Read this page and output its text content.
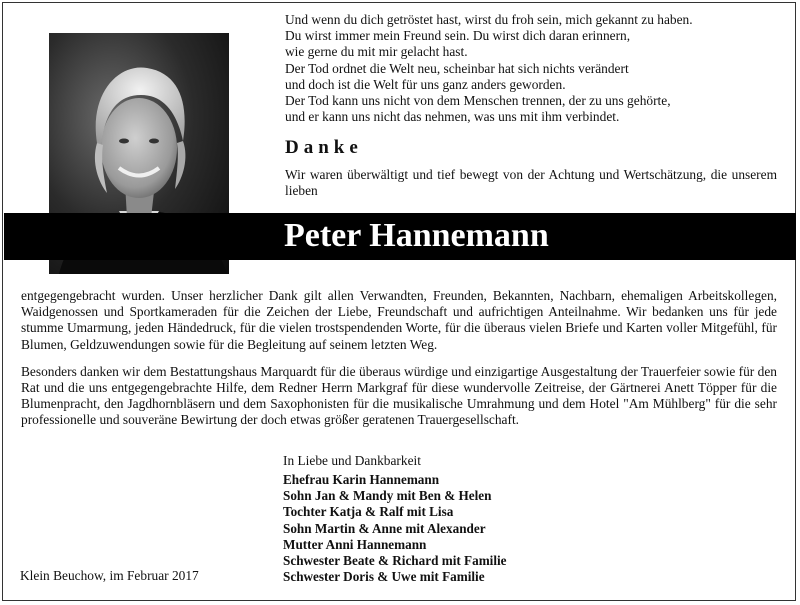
Und wenn du dich getröstet hast, wirst du froh sein, mich gekannt zu haben.
Du wirst immer mein Freund sein. Du wirst dich daran erinnern,
wie gerne du mit mir gelacht hast.
Der Tod ordnet die Welt neu, scheinbar hat sich nichts verändert
und doch ist die Welt für uns ganz anders geworden.
Der Tod kann uns nicht von dem Menschen trennen, der zu uns gehörte,
und er kann uns nicht das nehmen, was uns mit ihm verbindet.
Danke
Wir waren überwältigt und tief bewegt von der Achtung und Wertschätzung, die unserem lieben
Peter Hannemann

entgegengebracht wurden. Unser herzlicher Dank gilt allen Verwandten, Freunden, Bekannten, Nachbarn, ehemaligen Arbeitskollegen, Waidgenossen und Sportkameraden für die Zeichen der Liebe, Freundschaft und aufrichtigen Anteilnahme. Wir bedanken uns für jede stumme Umarmung, jeden Händedruck, für die vielen trostspendenden Worte, für die überaus vielen Briefe und Karten voller Mitgefühl, für Blumen, Geldzuwendungen sowie für die Begleitung auf seinem letzten Weg.

Besonders danken wir dem Bestattungshaus Marquardt für die überaus würdige und einzigartige Ausgestaltung der Trauerfeier sowie für den Rat und die uns entgegengebrachte Hilfe, dem Redner Herrn Markgraf für diese wundervolle Zeitreise, der Gärtnerei Anett Töpper für die Blumenpracht, den Jagdhornbläsern und dem Saxophonisten für die musikalische Umrahmung und dem Hotel "Am Mühlberg" für die sehr professionelle und souveräne Bewirtung der doch etwas größer geratenen Trauergesellschaft.

In Liebe und Dankbarkeit
Ehefrau Karin Hannemann
Sohn Jan & Mandy mit Ben & Helen
Tochter Katja & Ralf mit Lisa
Sohn Martin & Anne mit Alexander
Mutter Anni Hannemann
Schwester Beate & Richard mit Familie
Schwester Doris & Uwe mit Familie
Klein Beuchow, im Februar 2017
